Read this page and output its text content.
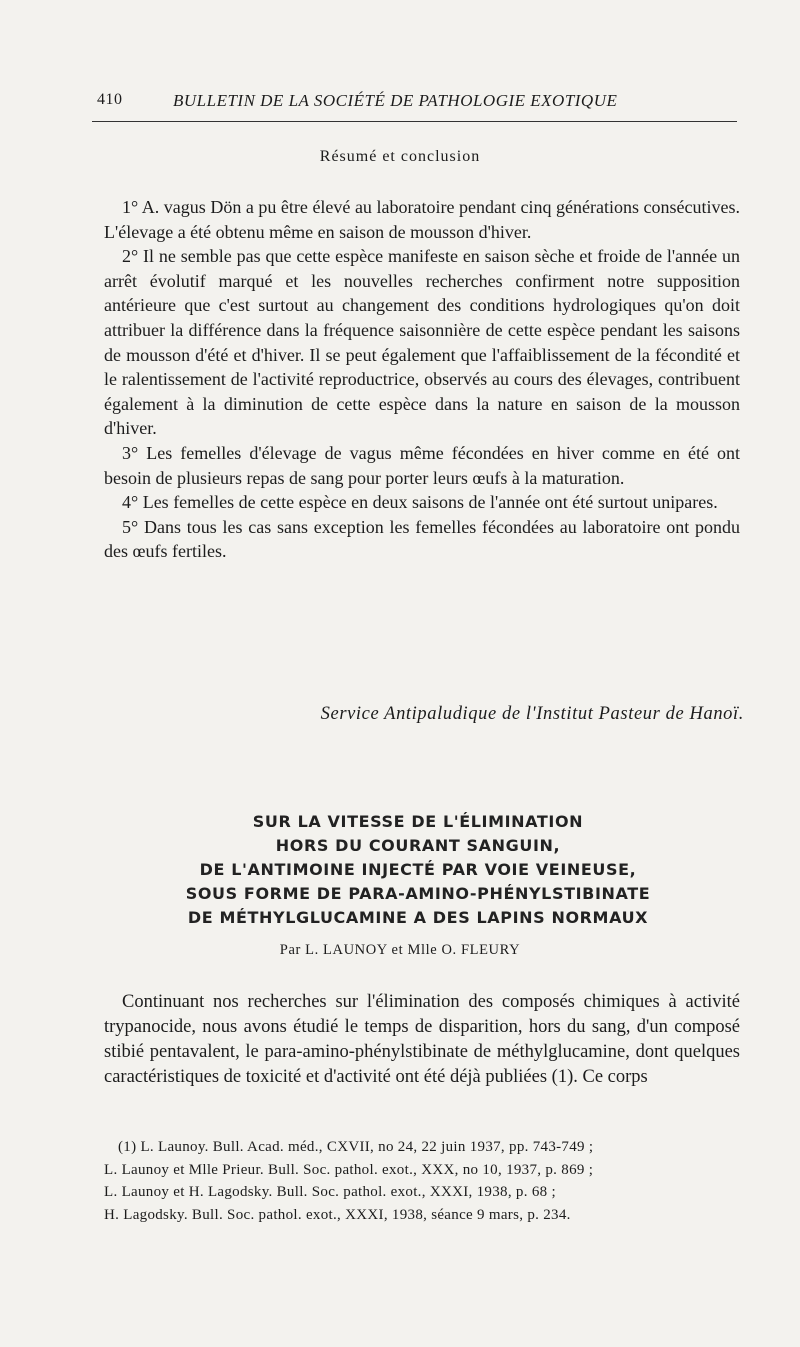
410	BULLETIN DE LA SOCIÉTÉ DE PATHOLOGIE EXOTIQUE
Résumé et conclusion

1° A. vagus Dön a pu être élevé au laboratoire pendant cinq générations consécutives. L'élevage a été obtenu même en saison de mousson d'hiver.

2° Il ne semble pas que cette espèce manifeste en saison sèche et froide de l'année un arrêt évolutif marqué et les nouvelles recherches confirment notre supposition antérieure que c'est surtout au changement des conditions hydrologiques qu'on doit attribuer la différence dans la fréquence saisonnière de cette espèce pendant les saisons de mousson d'été et d'hiver. Il se peut également que l'affaiblissement de la fécondité et le ralentissement de l'activité reproductrice, observés au cours des élevages, contribuent également à la diminution de cette espèce dans la nature en saison de la mousson d'hiver.

3° Les femelles d'élevage de vagus même fécondées en hiver comme en été ont besoin de plusieurs repas de sang pour porter leurs œufs à la maturation.

4° Les femelles de cette espèce en deux saisons de l'année ont été surtout unipares.

5° Dans tous les cas sans exception les femelles fécondées au laboratoire ont pondu des œufs fertiles.

Service Antipaludique de l'Institut Pasteur de Hanoï.
SUR LA VITESSE DE L'ÉLIMINATION
HORS DU COURANT SANGUIN,
DE L'ANTIMOINE INJECTÉ PAR VOIE VEINEUSE,
SOUS FORME DE PARA-AMINO-PHÉNYLSTIBINATE
DE MÉTHYLGLUCAMINE A DES LAPINS NORMAUX
Par L. LAUNOY et Mlle O. FLEURY

Continuant nos recherches sur l'élimination des composés chimiques à activité trypanocide, nous avons étudié le temps de disparition, hors du sang, d'un composé stibié pentavalent, le para-amino-phénylstibinate de méthylglucamine, dont quelques caractéristiques de toxicité et d'activité ont été déjà publiées (1). Ce corps

(1) L. Launoy. Bull. Acad. méd., CXVII, no 24, 22 juin 1937, pp. 743-749 ;

L. Launoy et Mlle Prieur. Bull. Soc. pathol. exot., XXX, no 10, 1937, p. 869 ;

L. Launoy et H. Lagodsky. Bull. Soc. pathol. exot., XXXI, 1938, p. 68 ;

H. Lagodsky. Bull. Soc. pathol. exot., XXXI, 1938, séance 9 mars, p. 234.
